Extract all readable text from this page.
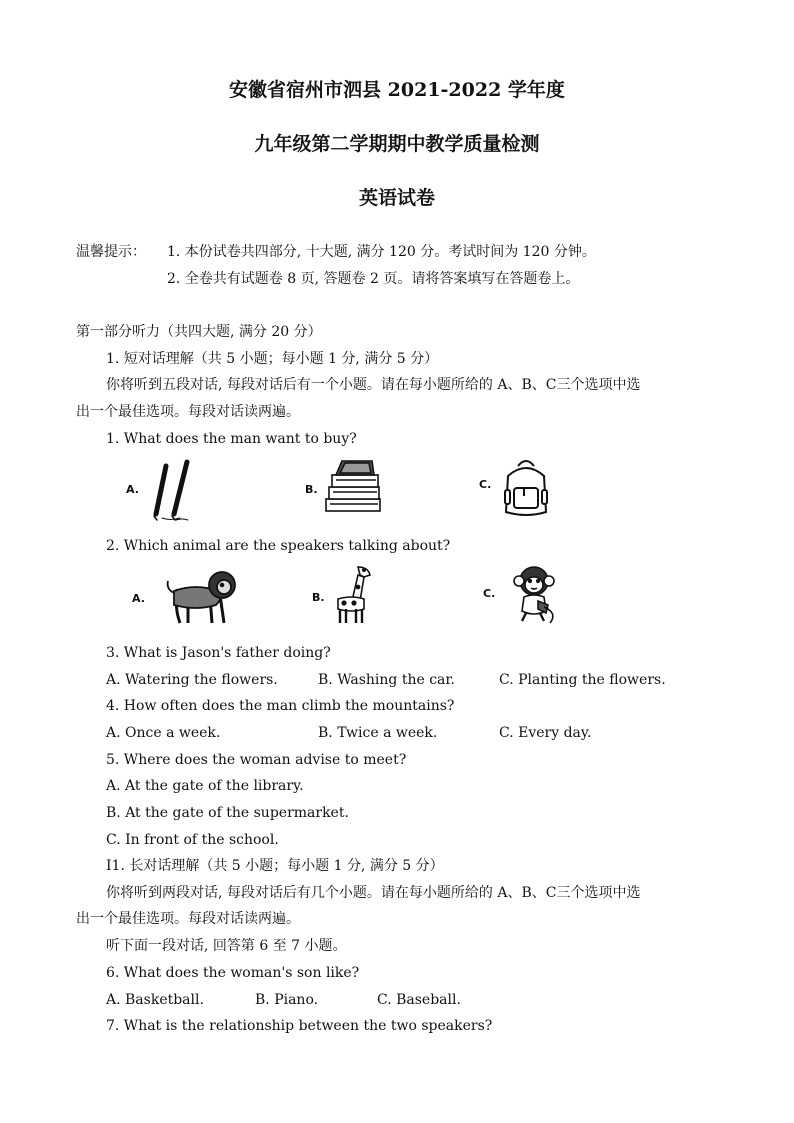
安徽省宿州市泗县 2021-2022 学年度
九年级第二学期期中教学质量检测
英语试卷
温馨提示： 1. 本份试卷共四部分, 十大题, 满分 120 分。考试时间为 120 分钟。
2. 全卷共有试题卷 8 页, 答题卷 2 页。请将答案填写在答题卷上。
第一部分听力（共四大题, 满分 20 分）
1. 短对话理解（共 5 小题；每小题 1 分, 满分 5 分）
你将听到五段对话, 每段对话后有一个小题。请在每小题所给的 A、B、C三个选项中选
出一个最佳选项。每段对话读两遍。
1. What does the man want to buy?
A.	B.	C.
2. Which animal are the speakers talking about?
A.	B.	C.
3. What is Jason's father doing?
A. Watering the flowers.	B. Washing the car.	C. Planting the flowers.
4. How often does the man climb the mountains?
A. Once a week.	B. Twice a week.	C. Every day.
5. Where does the woman advise to meet?
A. At the gate of the library.
B. At the gate of the supermarket.
C. In front of the school.
I1. 长对话理解（共 5 小题；每小题 1 分, 满分 5 分）
你将听到两段对话, 每段对话后有几个小题。请在每小题所给的 A、B、C三个选项中选
出一个最佳选项。每段对话读两遍。
听下面一段对话, 回答第 6 至 7 小题。
6. What does the woman's son like?
A. Basketball.	B. Piano.	C. Baseball.
7. What is the relationship between the two speakers?
